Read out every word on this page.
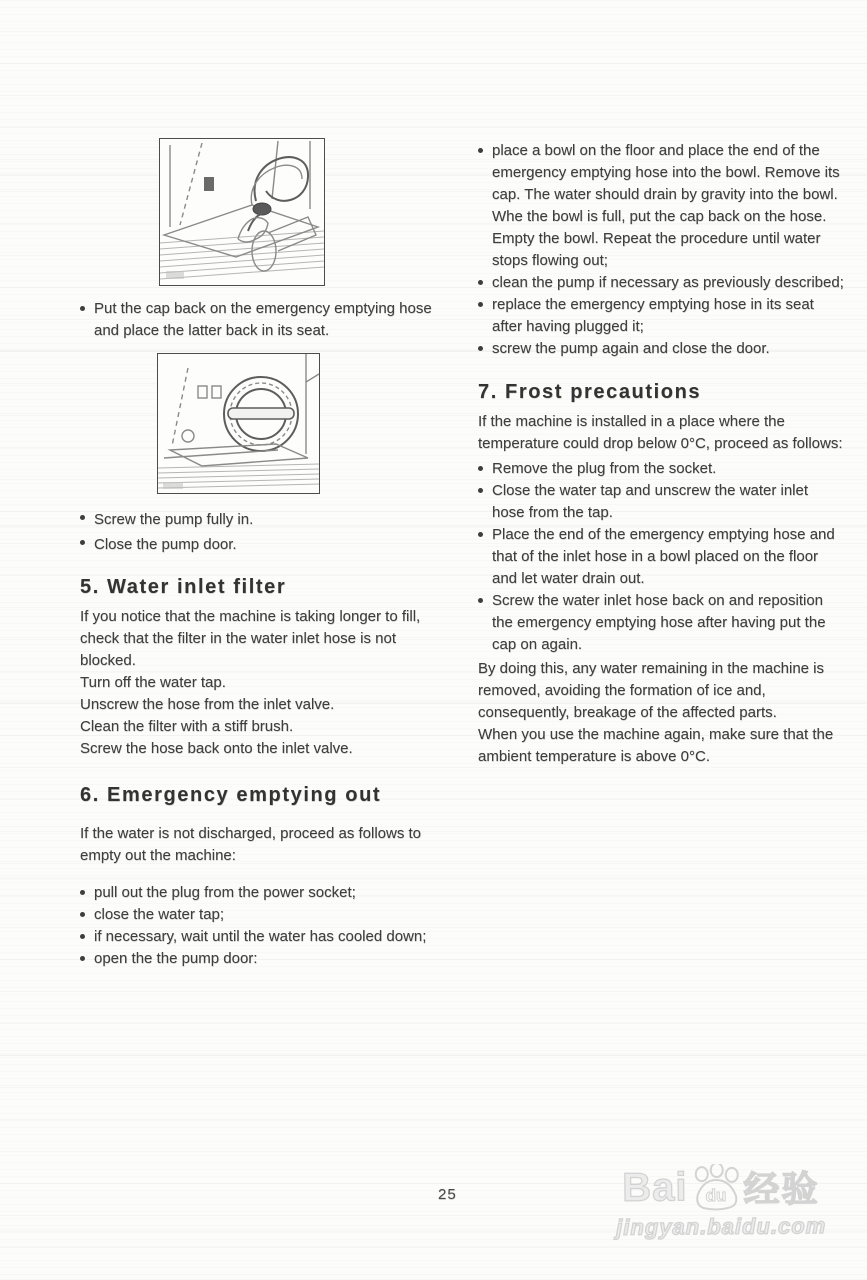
Put the cap back on the emergency emptying hose and place the latter back in its seat.
Screw the pump fully in.
Close the pump door.
5. Water inlet filter

If you notice that the machine is taking longer to fill, check that the filter in the water inlet hose is not blocked.

Turn off the water tap.

Unscrew the hose from the inlet valve.

Clean the filter with a stiff brush.

Screw the hose back onto the inlet valve.

6. Emergency emptying out

If the water is not discharged, proceed as follows to empty out the machine:

pull out the plug from the power socket;
close the water tap;
if necessary, wait until the water has cooled down;
open the the pump door:
place a bowl on the floor and place the end of the emergency emptying hose into the bowl. Remove its cap. The water should drain by gravity into the bowl. Whe the bowl is full, put the cap back on the hose. Empty the bowl. Repeat the procedure until water stops flowing out;
clean the pump if necessary as previously described;
replace the emergency emptying hose in its seat after having plugged it;
screw the pump again and close the door.
7. Frost precautions

If the machine is installed in a place where the temperature could drop below 0°C, proceed as follows:

Remove the plug from the socket.
Close the water tap and unscrew the water inlet hose from the tap.
Place the end of the emergency emptying hose and that of the inlet hose in a bowl placed on the floor and let water drain out.
Screw the water inlet hose back on and reposition the emergency emptying hose after having put the cap on again.

By doing this, any water remaining in the machine is removed, avoiding the formation of ice and, consequently, breakage of the affected parts.

When you use the machine again, make sure that the ambient temperature is above 0°C.

25	Bai du 经验
jingyan.baidu.com
